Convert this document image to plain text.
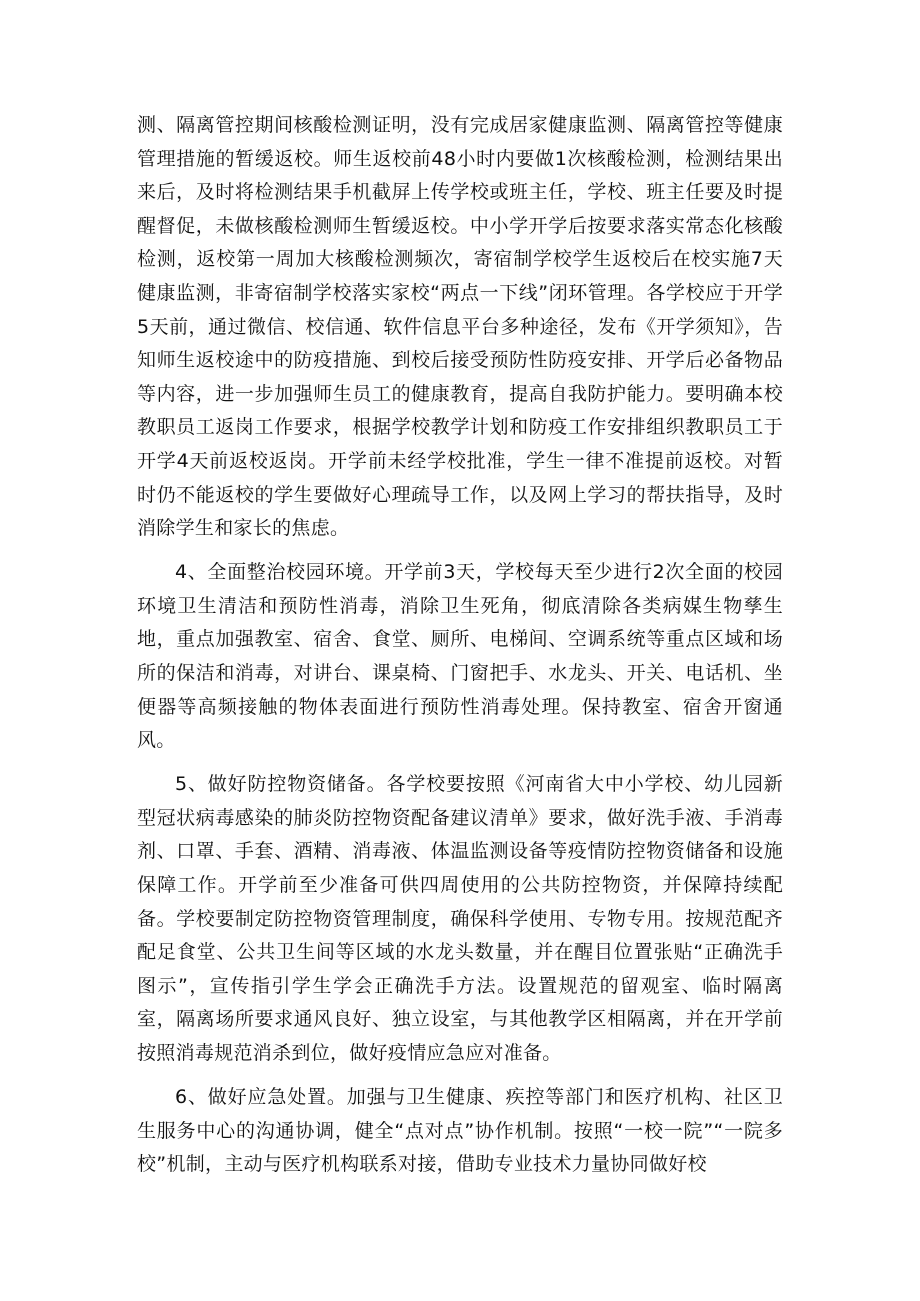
测、隔离管控期间核酸检测证明，没有完成居家健康监测、隔离管控等健康管理措施的暂缓返校。师生返校前48小时内要做1次核酸检测，检测结果出来后，及时将检测结果手机截屏上传学校或班主任，学校、班主任要及时提醒督促，未做核酸检测师生暂缓返校。中小学开学后按要求落实常态化核酸检测，返校第一周加大核酸检测频次，寄宿制学校学生返校后在校实施7天健康监测，非寄宿制学校落实家校“两点一下线”闭环管理。各学校应于开学5天前，通过微信、校信通、软件信息平台多种途径，发布《开学须知》，告知师生返校途中的防疫措施、到校后接受预防性防疫安排、开学后必备物品等内容，进一步加强师生员工的健康教育，提高自我防护能力。要明确本校教职员工返岗工作要求，根据学校教学计划和防疫工作安排组织教职员工于开学4天前返校返岗。开学前未经学校批准，学生一律不准提前返校。对暂时仍不能返校的学生要做好心理疏导工作，以及网上学习的帮扶指导，及时消除学生和家长的焦虑。

4、全面整治校园环境。开学前3天，学校每天至少进行2次全面的校园环境卫生清洁和预防性消毒，消除卫生死角，彻底清除各类病媒生物孳生地，重点加强教室、宿舍、食堂、厕所、电梯间、空调系统等重点区域和场所的保洁和消毒，对讲台、课桌椅、门窗把手、水龙头、开关、电话机、坐便器等高频接触的物体表面进行预防性消毒处理。保持教室、宿舍开窗通风。

5、做好防控物资储备。各学校要按照《河南省大中小学校、幼儿园新型冠状病毒感染的肺炎防控物资配备建议清单》要求，做好洗手液、手消毒剂、口罩、手套、酒精、消毒液、体温监测设备等疫情防控物资储备和设施保障工作。开学前至少准备可供四周使用的公共防控物资，并保障持续配备。学校要制定防控物资管理制度，确保科学使用、专物专用。按规范配齐配足食堂、公共卫生间等区域的水龙头数量，并在醒目位置张贴“正确洗手图示”，宣传指引学生学会正确洗手方法。设置规范的留观室、临时隔离室，隔离场所要求通风良好、独立设室，与其他教学区相隔离，并在开学前按照消毒规范消杀到位，做好疫情应急应对准备。

6、做好应急处置。加强与卫生健康、疾控等部门和医疗机构、社区卫生服务中心的沟通协调，健全“点对点”协作机制。按照“一校一院”“一院多校”机制，主动与医疗机构联系对接，借助专业技术力量协同做好校
